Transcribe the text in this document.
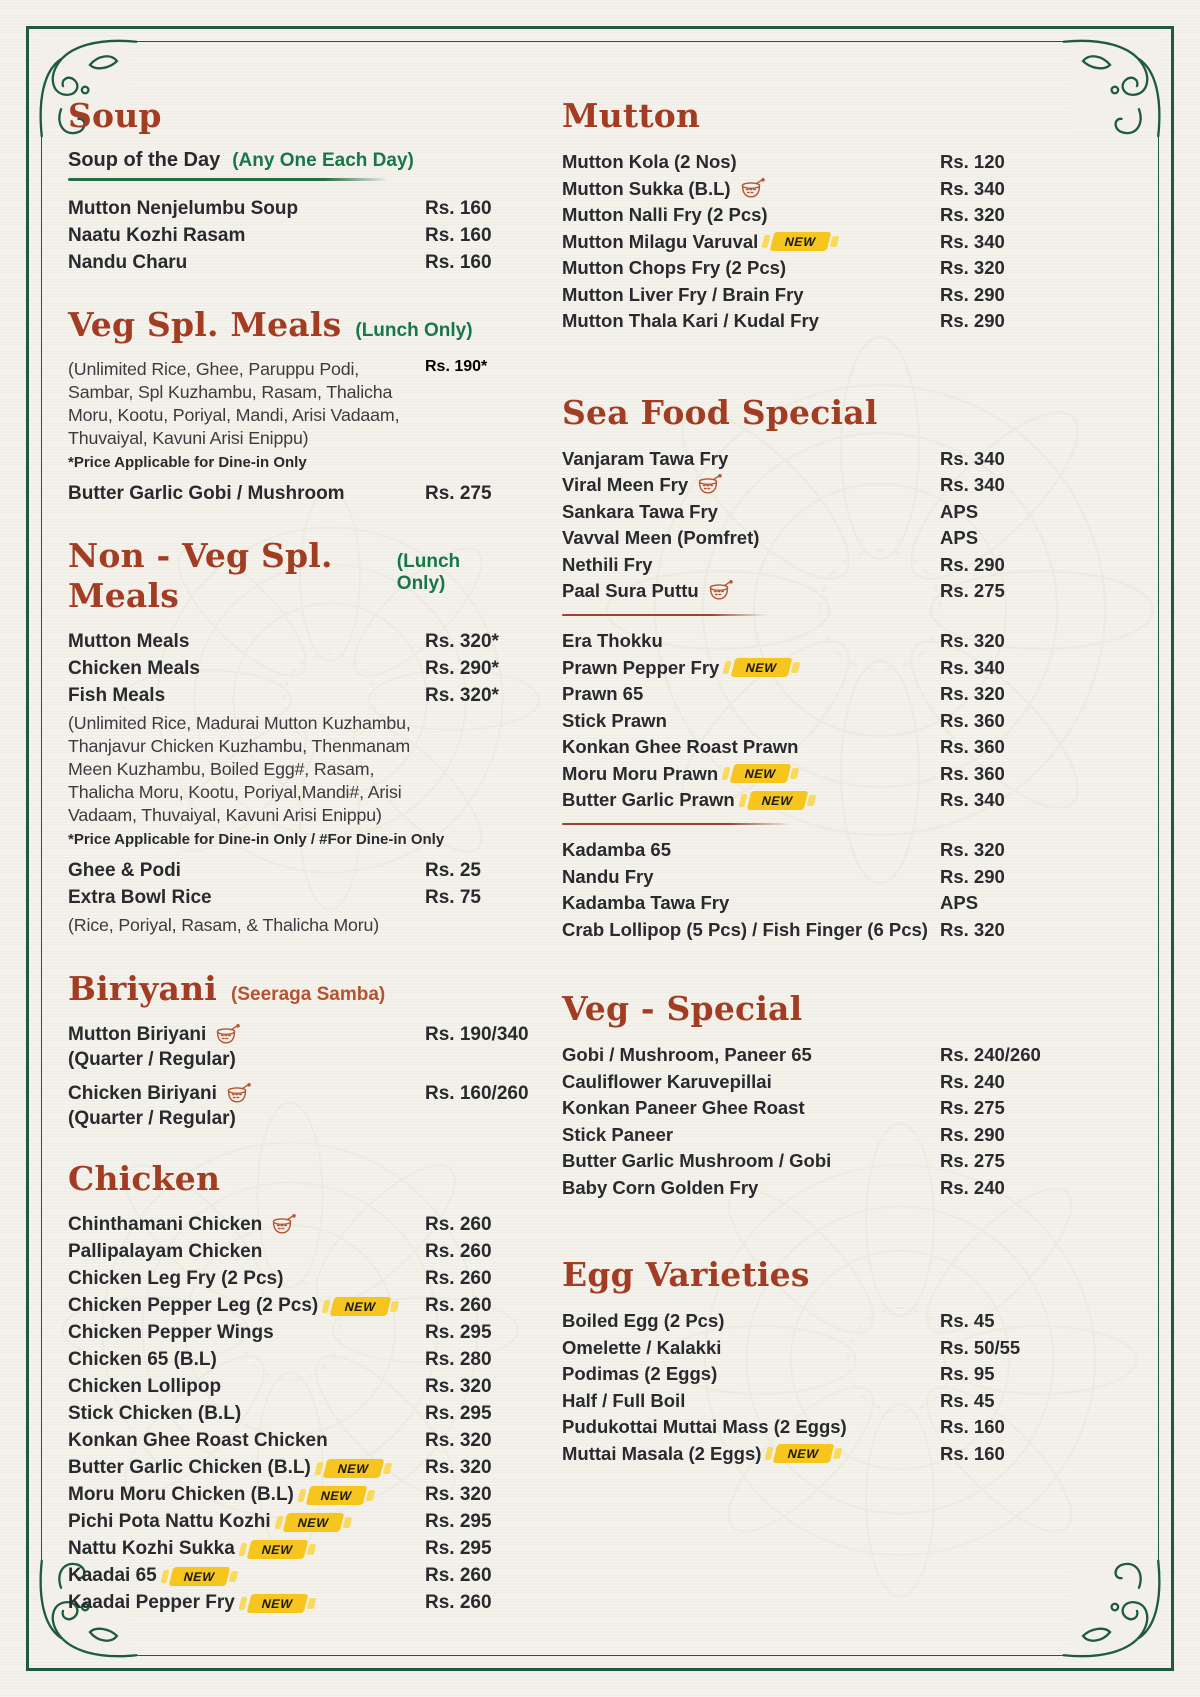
Soup
Soup of the Day (Any One Each Day)
Mutton Nenjelumbu Soup	Rs. 160
Naatu Kozhi Rasam	Rs. 160
Nandu Charu	Rs. 160
Veg Spl. Meals (Lunch Only)
(Unlimited Rice, Ghee, Paruppu Podi, Sambar, Spl Kuzhambu, Rasam, Thalicha Moru, Kootu, Poriyal, Mandi, Arisi Vadaam, Thuvaiyal, Kavuni Arisi Enippu)
Rs. 190*
*Price Applicable for Dine-in Only
Butter Garlic Gobi / Mushroom	Rs. 275
Non - Veg Spl. Meals
(Lunch Only)
Mutton Meals	Rs. 320*
Chicken Meals	Rs. 290*
Fish Meals	Rs. 320*
(Unlimited Rice, Madurai Mutton Kuzhambu, Thanjavur Chicken Kuzhambu, Thenmanam Meen Kuzhambu, Boiled Egg#, Rasam, Thalicha Moru, Kootu, Poriyal,Mandi#, Arisi Vadaam, Thuvaiyal, Kavuni Arisi Enippu)
*Price Applicable for Dine-in Only / #For Dine-in Only
Ghee & Podi	Rs. 25
Extra Bowl Rice	Rs. 75
(Rice, Poriyal, Rasam, & Thalicha Moru)
Biriyani (Seeraga Samba)
Mutton Biriyani	Rs. 190/340
(Quarter / Regular)
Chicken Biriyani	Rs. 160/260
(Quarter / Regular)
Chicken
Chinthamani Chicken	Rs. 260
Pallipalayam Chicken	Rs. 260
Chicken Leg Fry (2 Pcs)	Rs. 260
Chicken Pepper Leg (2 Pcs)	NEW	Rs. 260
Chicken Pepper Wings	Rs. 295
Chicken 65 (B.L)	Rs. 280
Chicken Lollipop	Rs. 320
Stick Chicken (B.L)	Rs. 295
Konkan Ghee Roast Chicken	Rs. 320
Butter Garlic Chicken (B.L)	NEW	Rs. 320
Moru Moru Chicken (B.L)	NEW	Rs. 320
Pichi Pota Nattu Kozhi	NEW	Rs. 295
Nattu Kozhi Sukka	NEW	Rs. 295
Kaadai 65	NEW	Rs. 260
Kaadai Pepper Fry	NEW	Rs. 260
Mutton
Mutton Kola (2 Nos)	Rs. 120
Mutton Sukka (B.L)	Rs. 340
Mutton Nalli Fry (2 Pcs)	Rs. 320
Mutton Milagu Varuval	NEW	Rs. 340
Mutton Chops Fry (2 Pcs)	Rs. 320
Mutton Liver Fry / Brain Fry	Rs. 290
Mutton Thala Kari / Kudal Fry	Rs. 290
Sea Food Special
Vanjaram Tawa Fry	Rs. 340
Viral Meen Fry	Rs. 340
Sankara Tawa Fry	APS
Vavval Meen (Pomfret)	APS
Nethili Fry	Rs. 290
Paal Sura Puttu	Rs. 275
Era Thokku	Rs. 320
Prawn Pepper Fry	NEW	Rs. 340
Prawn 65	Rs. 320
Stick Prawn	Rs. 360
Konkan Ghee Roast Prawn	Rs. 360
Moru Moru Prawn	NEW	Rs. 360
Butter Garlic Prawn	NEW	Rs. 340
Kadamba 65	Rs. 320
Nandu Fry	Rs. 290
Kadamba Tawa Fry	APS
Crab Lollipop (5 Pcs) / Fish Finger (6 Pcs) Rs. 320
Veg - Special
Gobi / Mushroom, Paneer 65	Rs. 240/260
Cauliflower Karuvepillai	Rs. 240
Konkan Paneer Ghee Roast	Rs. 275
Stick Paneer	Rs. 290
Butter Garlic Mushroom / Gobi	Rs. 275
Baby Corn Golden Fry	Rs. 240
Egg Varieties
Boiled Egg (2 Pcs)	Rs. 45
Omelette / Kalakki	Rs. 50/55
Podimas (2 Eggs)	Rs. 95
Half / Full Boil	Rs. 45
Pudukottai Muttai Mass (2 Eggs)	Rs. 160
Muttai Masala (2 Eggs)	NEW	Rs. 160
